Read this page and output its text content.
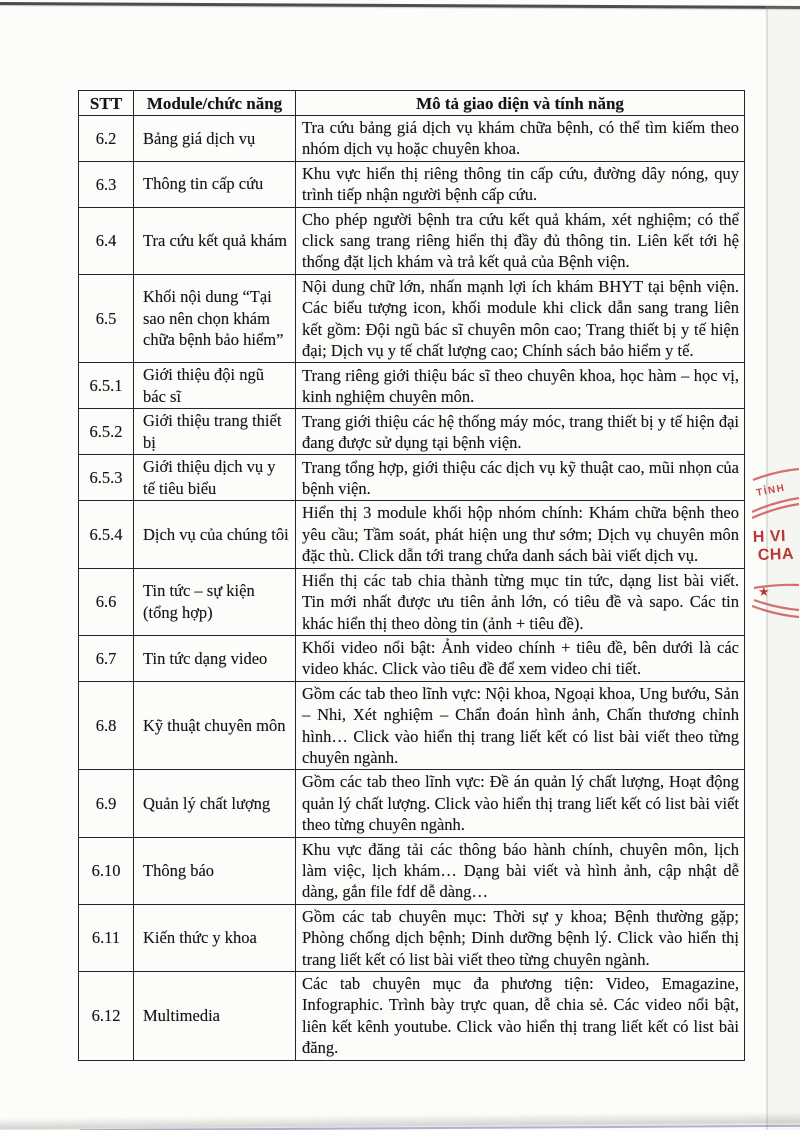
STT	Module/chức năng	Mô tả giao diện và tính năng
6.2	Bảng giá dịch vụ	Tra cứu bảng giá dịch vụ khám chữa bệnh, có thể tìm kiếm theo nhóm dịch vụ hoặc chuyên khoa.
6.3	Thông tin cấp cứu	Khu vực hiển thị riêng thông tin cấp cứu, đường dây nóng, quy trình tiếp nhận người bệnh cấp cứu.
6.4	Tra cứu kết quả khám	Cho phép người bệnh tra cứu kết quả khám, xét nghiệm; có thể click sang trang riêng hiển thị đầy đủ thông tin. Liên kết tới hệ thống đặt lịch khám và trả kết quả của Bệnh viện.
6.5	Khối nội dung “Tại sao nên chọn khám chữa bệnh bảo hiểm”	Nội dung chữ lớn, nhấn mạnh lợi ích khám BHYT tại bệnh viện. Các biểu tượng icon, khối module khi click dẫn sang trang liên kết gồm: Đội ngũ bác sĩ chuyên môn cao; Trang thiết bị y tế hiện đại; Dịch vụ y tế chất lượng cao; Chính sách bảo hiểm y tế.
6.5.1	Giới thiệu đội ngũ bác sĩ	Trang riêng giới thiệu bác sĩ theo chuyên khoa, học hàm – học vị, kinh nghiệm chuyên môn.
6.5.2	Giới thiệu trang thiết bị	Trang giới thiệu các hệ thống máy móc, trang thiết bị y tế hiện đại đang được sử dụng tại bệnh viện.
6.5.3	Giới thiệu dịch vụ y tế tiêu biểu	Trang tổng hợp, giới thiệu các dịch vụ kỹ thuật cao, mũi nhọn của bệnh viện.
6.5.4	Dịch vụ của chúng tôi	Hiển thị 3 module khối hộp nhóm chính: Khám chữa bệnh theo yêu cầu; Tầm soát, phát hiện ung thư sớm; Dịch vụ chuyên môn đặc thù. Click dẫn tới trang chứa danh sách bài viết dịch vụ.
6.6	Tin tức – sự kiện (tổng hợp)	Hiển thị các tab chia thành từng mục tin tức, dạng list bài viết. Tin mới nhất được ưu tiên ảnh lớn, có tiêu đề và sapo. Các tin khác hiển thị theo dòng tin (ảnh + tiêu đề).
6.7	Tin tức dạng video	Khối video nổi bật: Ảnh video chính + tiêu đề, bên dưới là các video khác. Click vào tiêu đề để xem video chi tiết.
6.8	Kỹ thuật chuyên môn	Gồm các tab theo lĩnh vực: Nội khoa, Ngoại khoa, Ung bướu, Sản – Nhi, Xét nghiệm – Chẩn đoán hình ảnh, Chấn thương chỉnh hình… Click vào hiển thị trang liết kết có list bài viết theo từng chuyên ngành.
6.9	Quản lý chất lượng	Gồm các tab theo lĩnh vực: Đề án quản lý chất lượng, Hoạt động quản lý chất lượng. Click vào hiển thị trang liết kết có list bài viết theo từng chuyên ngành.
6.10	Thông báo	Khu vực đăng tải các thông báo hành chính, chuyên môn, lịch làm việc, lịch khám… Dạng bài viết và hình ảnh, cập nhật dễ dàng, gắn file fdf dễ dàng…
6.11	Kiến thức y khoa	Gồm các tab chuyên mục: Thời sự y khoa; Bệnh thường gặp; Phòng chống dịch bệnh; Dinh dưỡng bệnh lý. Click vào hiển thị trang liết kết có list bài viết theo từng chuyên ngành.
6.12	Multimedia	Các tab chuyên mục đa phương tiện: Video, Emagazine, Infographic. Trình bày trực quan, dễ chia sẻ. Các video nổi bật, liên kết kênh youtube. Click vào hiển thị trang liết kết có list bài đăng.
TỈNH
H VI
CHA
★
